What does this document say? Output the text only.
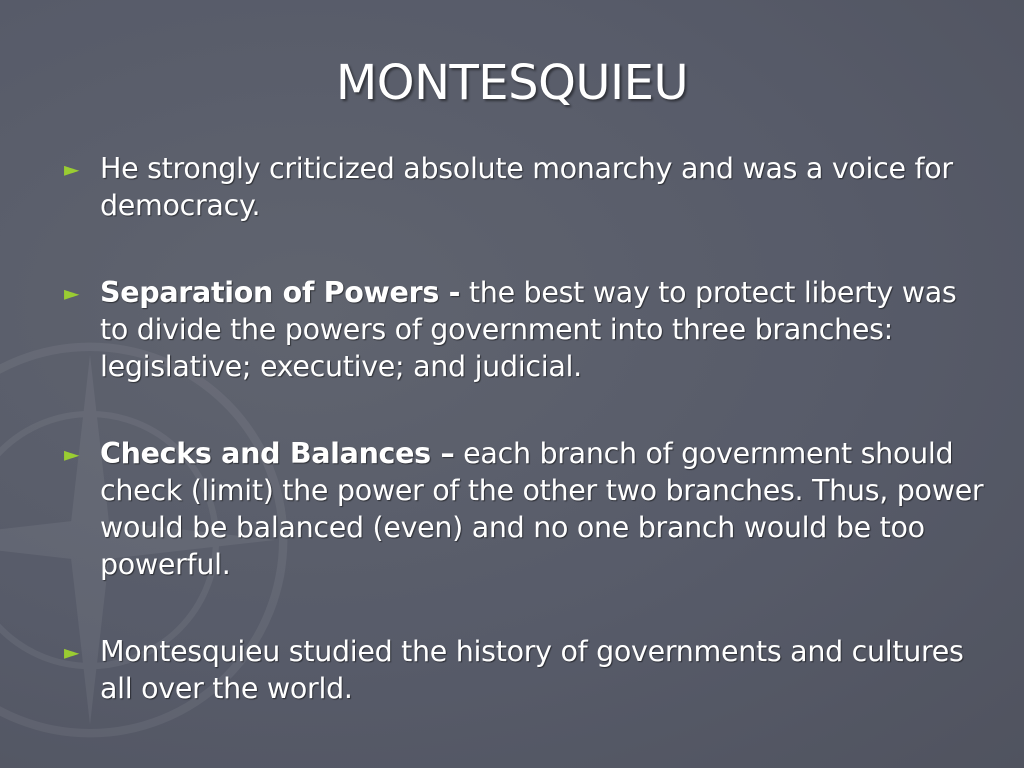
MONTESQUIEU
► He strongly criticized absolute monarchy and was a voice for democracy.
► Separation of Powers - the best way to protect liberty was to divide the powers of government into three branches: legislative; executive; and judicial.
► Checks and Balances – each branch of government should check (limit) the power of the other two branches. Thus, power would be balanced (even) and no one branch would be too powerful.
► Montesquieu studied the history of governments and cultures all over the world.
